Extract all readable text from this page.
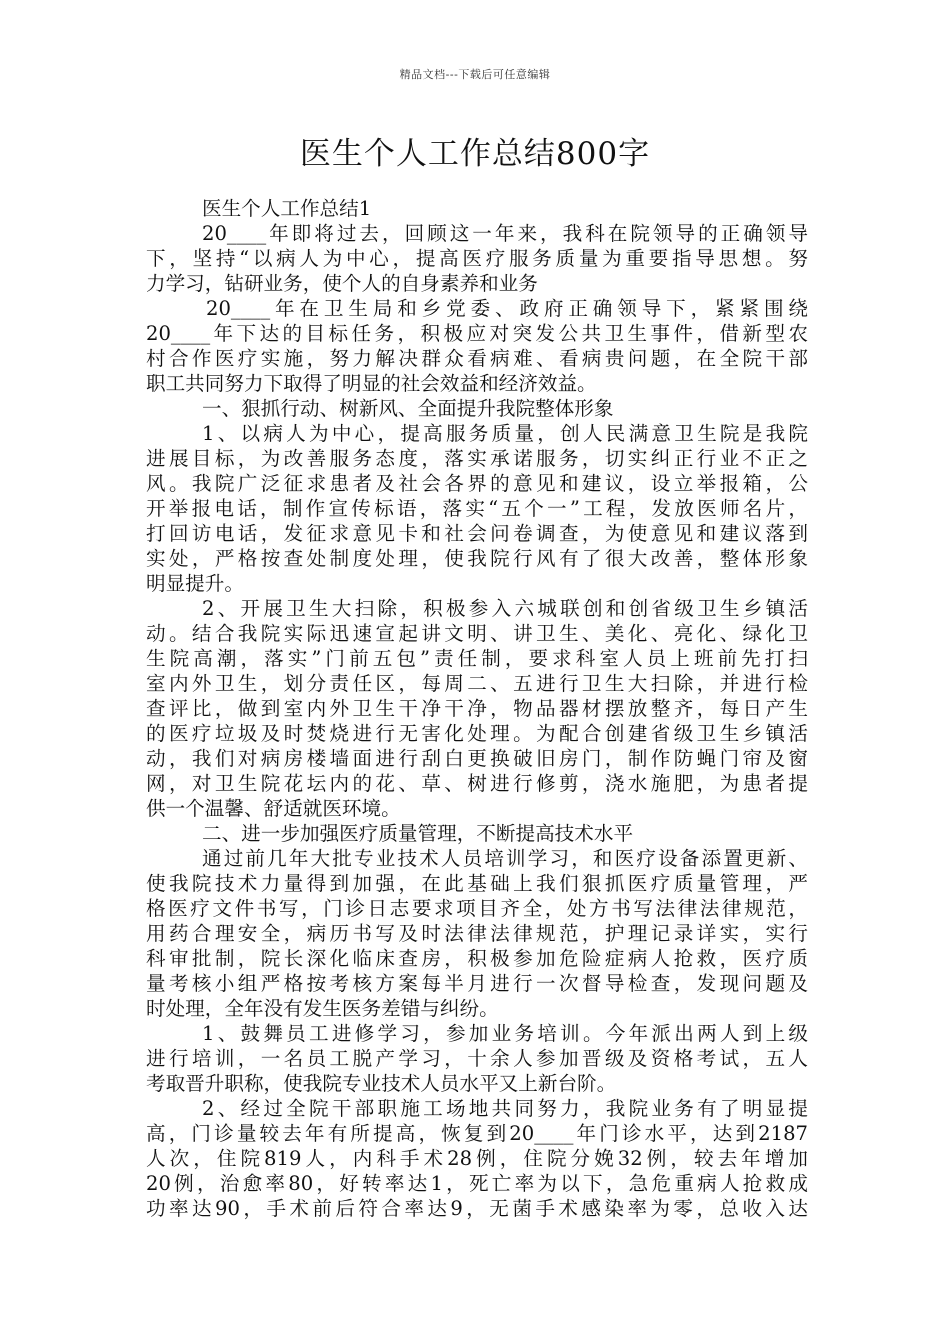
精品文档---下载后可任意编辑
医生个人工作总结800字
医生个人工作总结1
20____年即将过去，回顾这一年来，我科在院领导的正确领导
下，坚持“以病人为中心，提高医疗服务质量为重要指导思想。努
力学习，钻研业务，使个人的自身素养和业务
20____年在卫生局和乡党委、政府正确领导下，紧紧围绕
20____年下达的目标任务，积极应对突发公共卫生事件，借新型农
村合作医疗实施，努力解决群众看病难、看病贵问题，在全院干部
职工共同努力下取得了明显的社会效益和经济效益。
一、狠抓行动、树新风、全面提升我院整体形象
1、以病人为中心，提高服务质量，创人民满意卫生院是我院
进展目标，为改善服务态度，落实承诺服务，切实纠正行业不正之
风。我院广泛征求患者及社会各界的意见和建议，设立举报箱，公
开举报电话，制作宣传标语，落实“五个一”工程，发放医师名片，
打回访电话，发征求意见卡和社会问卷调查，为使意见和建议落到
实处，严格按查处制度处理，使我院行风有了很大改善，整体形象
明显提升。
2、开展卫生大扫除，积极参入六城联创和创省级卫生乡镇活
动。结合我院实际迅速宣起讲文明、讲卫生、美化、亮化、绿化卫
生院高潮，落实”门前五包”责任制，要求科室人员上班前先打扫
室内外卫生，划分责任区，每周二、五进行卫生大扫除，并进行检
查评比，做到室内外卫生干净干净，物品器材摆放整齐，每日产生
的医疗垃圾及时焚烧进行无害化处理。为配合创建省级卫生乡镇活
动，我们对病房楼墙面进行刮白更换破旧房门，制作防蝇门帘及窗
网，对卫生院花坛内的花、草、树进行修剪，浇水施肥，为患者提
供一个温馨、舒适就医环境。
二、进一步加强医疗质量管理，不断提高技术水平
通过前几年大批专业技术人员培训学习，和医疗设备添置更新、
使我院技术力量得到加强，在此基础上我们狠抓医疗质量管理，严
格医疗文件书写，门诊日志要求项目齐全，处方书写法律法律规范，
用药合理安全，病历书写及时法律法律规范，护理记录详实，实行
科审批制，院长深化临床查房，积极参加危险症病人抢救，医疗质
量考核小组严格按考核方案每半月进行一次督导检查，发现问题及
时处理，全年没有发生医务差错与纠纷。
1、鼓舞员工进修学习，参加业务培训。今年派出两人到上级
进行培训，一名员工脱产学习，十余人参加晋级及资格考试，五人
考取晋升职称，使我院专业技术人员水平又上新台阶。
2、经过全院干部职施工场地共同努力，我院业务有了明显提
高，门诊量较去年有所提高，恢复到20____年门诊水平，达到2187
人次，住院819人，内科手术28例，住院分娩32例，较去年增加
20例，治愈率80，好转率达1，死亡率为以下，急危重病人抢救成
功率达90，手术前后符合率达9，无菌手术感染率为零，总收入达
